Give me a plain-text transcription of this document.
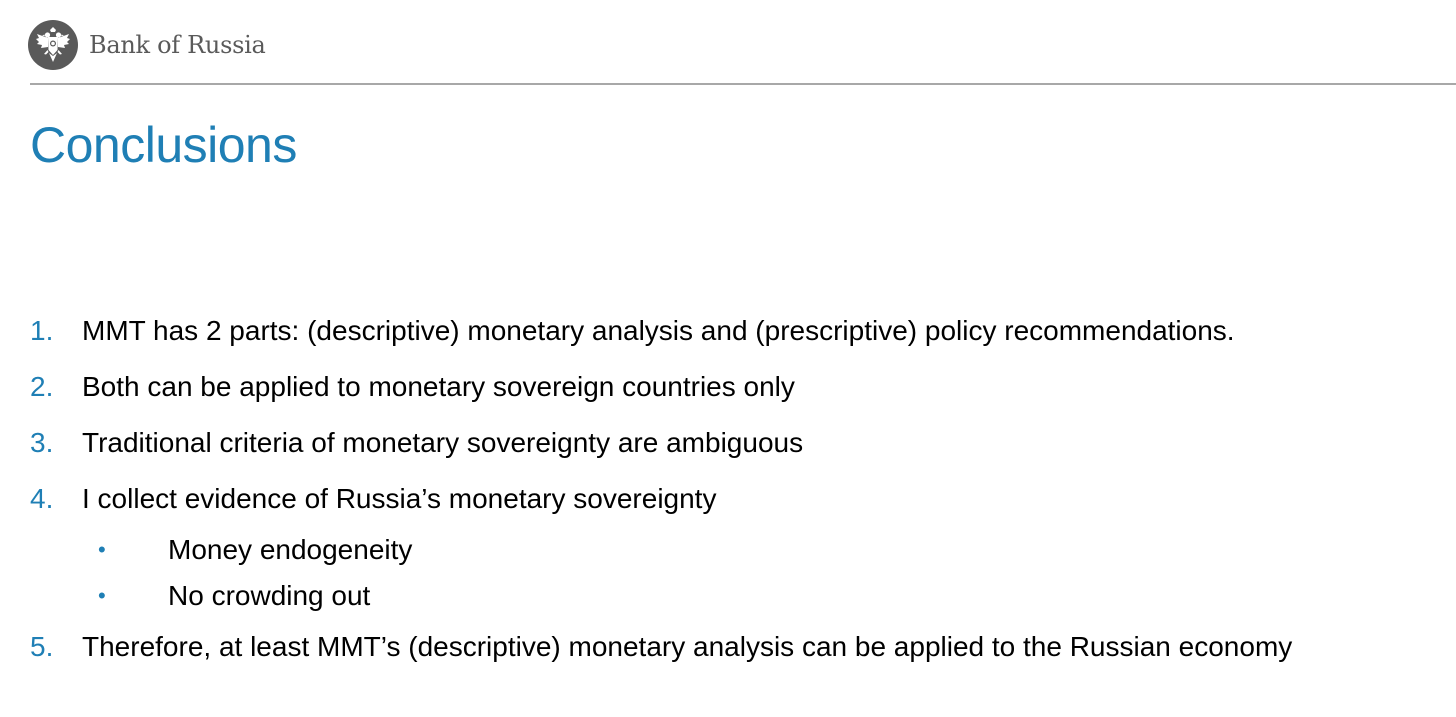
Bank of Russia
Conclusions
1.	MMT has 2 parts: (descriptive) monetary analysis and (prescriptive) policy recommendations.
2.	Both can be applied to monetary sovereign countries only
3.	Traditional criteria of monetary sovereignty are ambiguous
4.	I collect evidence of Russia’s monetary sovereignty
•	Money endogeneity
•	No crowding out
5.	Therefore, at least MMT’s (descriptive) monetary analysis can be applied to the Russian economy
